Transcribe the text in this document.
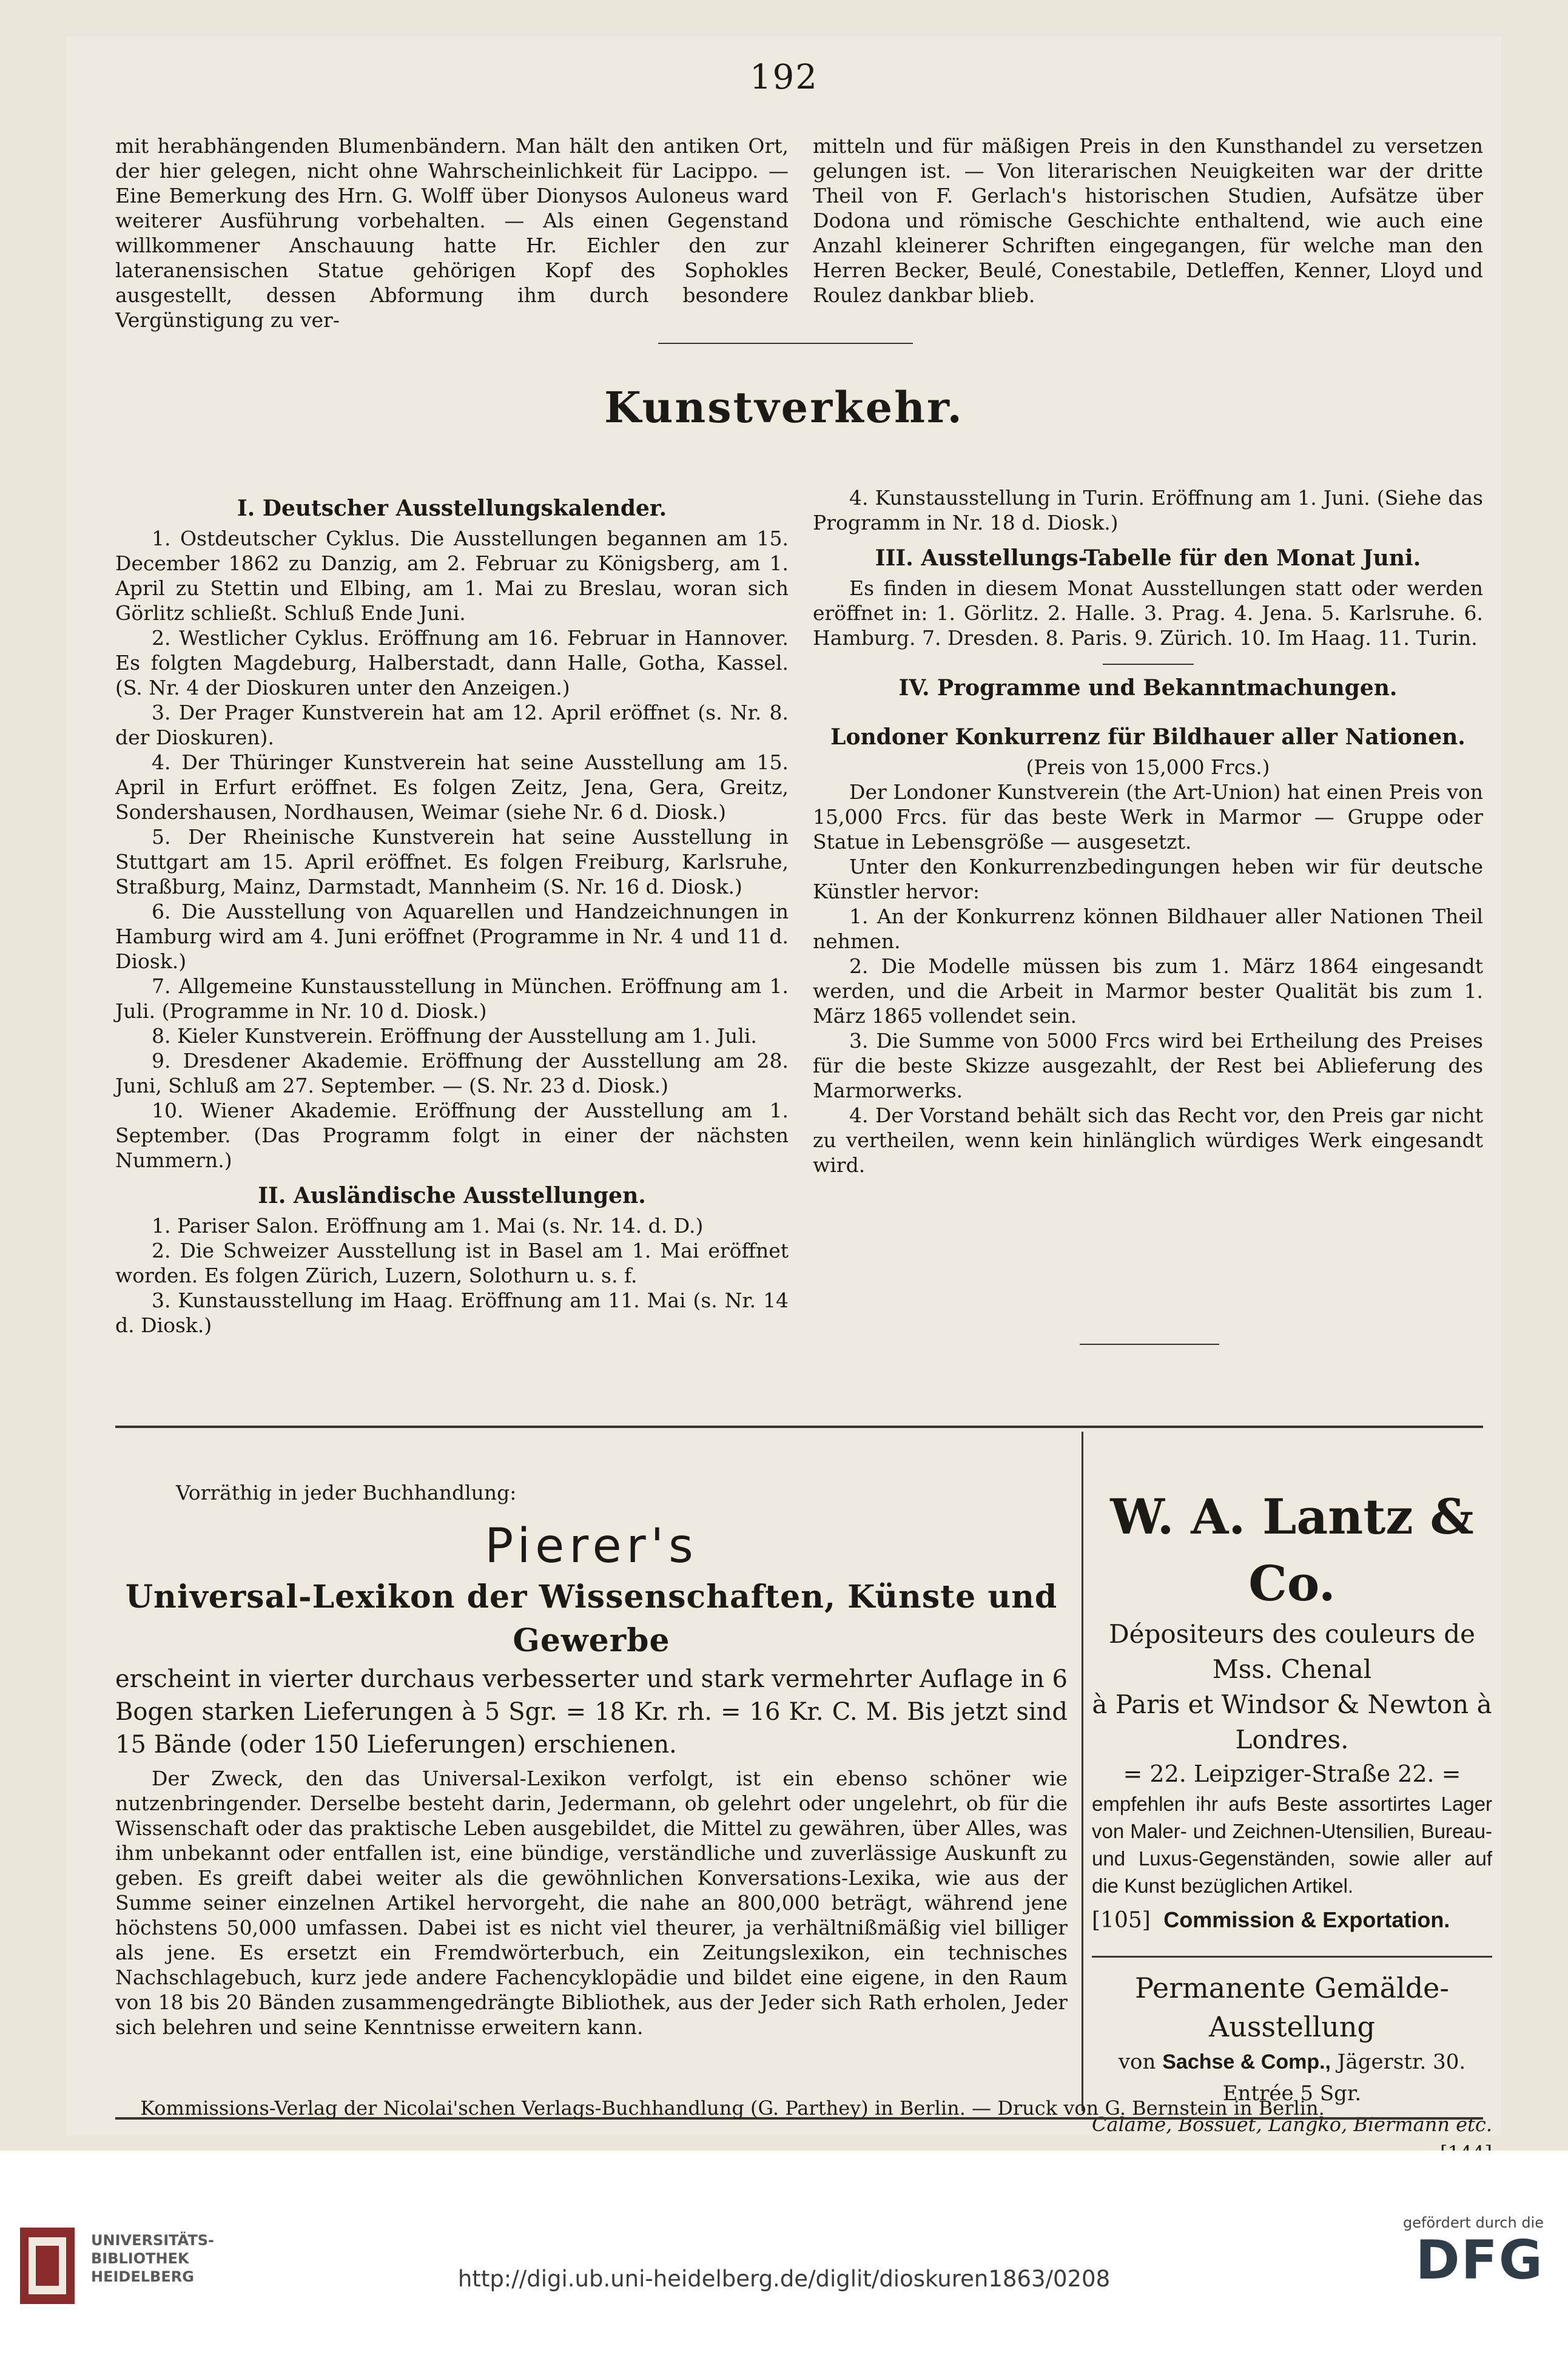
192

mit herabhängenden Blumenbändern. Man hält den antiken Ort, der hier gelegen, nicht ohne Wahrscheinlichkeit für Lacippo. — Eine Bemerkung des Hrn. G. Wolff über Dionysos Auloneus ward weiterer Ausführung vorbehalten. — Als einen Gegenstand willkommener Anschauung hatte Hr. Eichler den zur lateranensischen Statue gehörigen Kopf des Sophokles ausgestellt, dessen Abformung ihm durch besondere Vergünstigung zu ver-

mitteln und für mäßigen Preis in den Kunsthandel zu versetzen gelungen ist. — Von literarischen Neuigkeiten war der dritte Theil von F. Gerlach's historischen Studien, Aufsätze über Dodona und römische Geschichte enthaltend, wie auch eine Anzahl kleinerer Schriften eingegangen, für welche man den Herren Becker, Beulé, Conestabile, Detleffen, Kenner, Lloyd und Roulez dankbar blieb.

Kunstverkehr.

I. Deutscher Ausstellungskalender.

1. Ostdeutscher Cyklus. Die Ausstellungen begannen am 15. December 1862 zu Danzig, am 2. Februar zu Königsberg, am 1. April zu Stettin und Elbing, am 1. Mai zu Breslau, woran sich Görlitz schließt. Schluß Ende Juni.

2. Westlicher Cyklus. Eröffnung am 16. Februar in Hannover. Es folgten Magdeburg, Halberstadt, dann Halle, Gotha, Kassel. (S. Nr. 4 der Dioskuren unter den Anzeigen.)

3. Der Prager Kunstverein hat am 12. April eröffnet (s. Nr. 8. der Dioskuren).

4. Der Thüringer Kunstverein hat seine Ausstellung am 15. April in Erfurt eröffnet. Es folgen Zeitz, Jena, Gera, Greitz, Sondershausen, Nordhausen, Weimar (siehe Nr. 6 d. Diosk.)

5. Der Rheinische Kunstverein hat seine Ausstellung in Stuttgart am 15. April eröffnet. Es folgen Freiburg, Karlsruhe, Straßburg, Mainz, Darmstadt, Mannheim (S. Nr. 16 d. Diosk.)

6. Die Ausstellung von Aquarellen und Handzeichnungen in Hamburg wird am 4. Juni eröffnet (Programme in Nr. 4 und 11 d. Diosk.)

7. Allgemeine Kunstausstellung in München. Eröffnung am 1. Juli. (Programme in Nr. 10 d. Diosk.)

8. Kieler Kunstverein. Eröffnung der Ausstellung am 1. Juli.

9. Dresdener Akademie. Eröffnung der Ausstellung am 28. Juni, Schluß am 27. September. — (S. Nr. 23 d. Diosk.)

10. Wiener Akademie. Eröffnung der Ausstellung am 1. September. (Das Programm folgt in einer der nächsten Nummern.)

II. Ausländische Ausstellungen.

1. Pariser Salon. Eröffnung am 1. Mai (s. Nr. 14. d. D.)

2. Die Schweizer Ausstellung ist in Basel am 1. Mai eröffnet worden. Es folgen Zürich, Luzern, Solothurn u. s. f.

3. Kunstausstellung im Haag. Eröffnung am 11. Mai (s. Nr. 14 d. Diosk.)

4. Kunstausstellung in Turin. Eröffnung am 1. Juni. (Siehe das Programm in Nr. 18 d. Diosk.)

III. Ausstellungs-Tabelle für den Monat Juni.

Es finden in diesem Monat Ausstellungen statt oder werden eröffnet in: 1. Görlitz. 2. Halle. 3. Prag. 4. Jena. 5. Karlsruhe. 6. Hamburg. 7. Dresden. 8. Paris. 9. Zürich. 10. Im Haag. 11. Turin.

IV. Programme und Bekanntmachungen.

Londoner Konkurrenz für Bildhauer aller Nationen.

(Preis von 15,000 Frcs.)

Der Londoner Kunstverein (the Art-Union) hat einen Preis von 15,000 Frcs. für das beste Werk in Marmor — Gruppe oder Statue in Lebensgröße — ausgesetzt.

Unter den Konkurrenzbedingungen heben wir für deutsche Künstler hervor:

1. An der Konkurrenz können Bildhauer aller Nationen Theil nehmen.

2. Die Modelle müssen bis zum 1. März 1864 eingesandt werden, und die Arbeit in Marmor bester Qualität bis zum 1. März 1865 vollendet sein.

3. Die Summe von 5000 Frcs wird bei Ertheilung des Preises für die beste Skizze ausgezahlt, der Rest bei Ablieferung des Marmorwerks.

4. Der Vorstand behält sich das Recht vor, den Preis gar nicht zu vertheilen, wenn kein hinlänglich würdiges Werk eingesandt wird.

Vorräthig in jeder Buchhandlung:

Pierer's

Universal-Lexikon der Wissenschaften, Künste und Gewerbe

erscheint in vierter durchaus verbesserter und stark vermehrter Auflage in 6 Bogen starken Lieferungen à 5 Sgr. = 18 Kr. rh. = 16 Kr. C. M. Bis jetzt sind 15 Bände (oder 150 Lieferungen) erschienen.

Der Zweck, den das Universal-Lexikon verfolgt, ist ein ebenso schöner wie nutzenbringender. Derselbe besteht darin, Jedermann, ob gelehrt oder ungelehrt, ob für die Wissenschaft oder das praktische Leben ausgebildet, die Mittel zu gewähren, über Alles, was ihm unbekannt oder entfallen ist, eine bündige, verständliche und zuverlässige Auskunft zu geben. Es greift dabei weiter als die gewöhnlichen Konversations-Lexika, wie aus der Summe seiner einzelnen Artikel hervorgeht, die nahe an 800,000 beträgt, während jene höchstens 50,000 umfassen. Dabei ist es nicht viel theurer, ja verhältnißmäßig viel billiger als jene. Es ersetzt ein Fremdwörterbuch, ein Zeitungslexikon, ein technisches Nachschlagebuch, kurz jede andere Fachencyklopädie und bildet eine eigene, in den Raum von 18 bis 20 Bänden zusammengedrängte Bibliothek, aus der Jeder sich Rath erholen, Jeder sich belehren und seine Kenntnisse erweitern kann.

W. A. Lantz & Co.
Dépositeurs des couleurs de Mss. Chenal
à Paris et Windsor & Newton à Londres.
= 22. Leipziger-Straße 22. =
empfehlen ihr aufs Beste assortirtes Lager von Maler- und Zeichnen-Utensilien, Bureau- und Luxus-Gegenständen, sowie aller auf die Kunst bezüglichen Artikel.
[105] Commission & Exportation.
Permanente Gemälde-Ausstellung
von Sachse & Comp., Jägerstr. 30.
Entrée 5 Sgr.
Calame, Bossuet, Langko, Biermann etc.
Kommissions-Verlag der Nicolai'schen Verlags-Buchhandlung (G. Parthey) in Berlin. — Druck von G. Bernstein in Berlin.
UNIVERSITÄTS-
BIBLIOTHEK
HEIDELBERG	http://digi.ub.uni-heidelberg.de/diglit/dioskuren1863/0208
gefördert durch die
DFG
